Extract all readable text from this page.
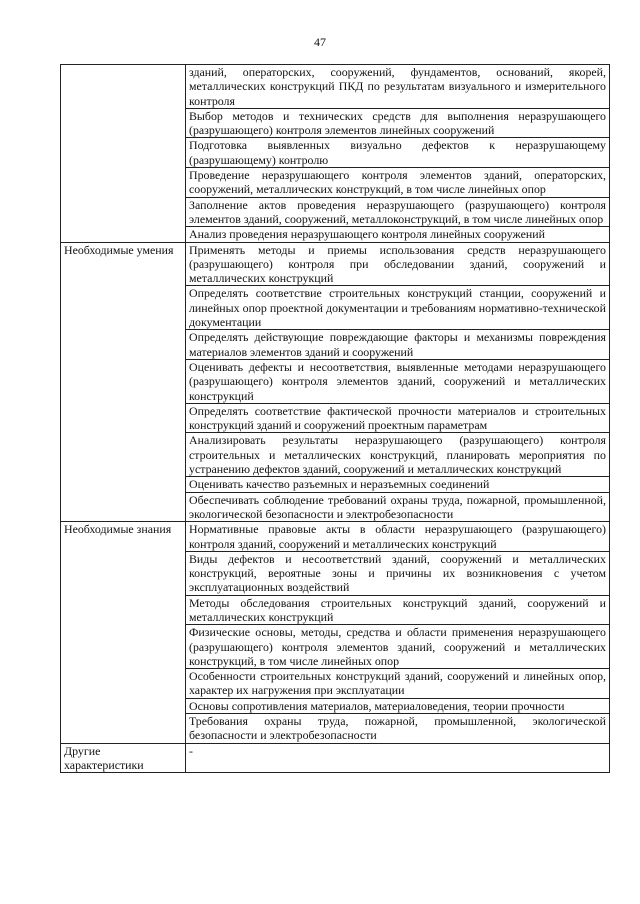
47
	зданий, операторских, сооружений, фундаментов, оснований, якорей, металлических конструкций ПКД по результатам визуального и измерительного контроля
	Выбор методов и технических средств для выполнения неразрушающего (разрушающего) контроля элементов линейных сооружений
	Подготовка выявленных визуально дефектов к неразрушающему (разрушающему) контролю
	Проведение неразрушающего контроля элементов зданий, операторских, сооружений, металлических конструкций, в том числе линейных опор
	Заполнение актов проведения неразрушающего (разрушающего) контроля элементов зданий, сооружений, металлоконструкций, в том числе линейных опор
	Анализ проведения неразрушающего контроля линейных сооружений
Необходимые умения	Применять методы и приемы использования средств неразрушающего (разрушающего) контроля при обследовании зданий, сооружений и металлических конструкций
	Определять соответствие строительных конструкций станции, сооружений и линейных опор проектной документации и требованиям нормативно-технической документации
	Определять действующие повреждающие факторы и механизмы повреждения материалов элементов зданий и сооружений
	Оценивать дефекты и несоответствия, выявленные методами неразрушающего (разрушающего) контроля элементов зданий, сооружений и металлических конструкций
	Определять соответствие фактической прочности материалов и строительных конструкций зданий и сооружений проектным параметрам
	Анализировать результаты неразрушающего (разрушающего) контроля строительных и металлических конструкций, планировать мероприятия по устранению дефектов зданий, сооружений и металлических конструкций
	Оценивать качество разъемных и неразъемных соединений
	Обеспечивать соблюдение требований охраны труда, пожарной, промышленной, экологической безопасности и электробезопасности
Необходимые знания	Нормативные правовые акты в области неразрушающего (разрушающего) контроля зданий, сооружений и металлических конструкций
	Виды дефектов и несоответствий зданий, сооружений и металлических конструкций, вероятные зоны и причины их возникновения с учетом эксплуатационных воздействий
	Методы обследования строительных конструкций зданий, сооружений и металлических конструкций
	Физические основы, методы, средства и области применения неразрушающего (разрушающего) контроля элементов зданий, сооружений и металлических конструкций, в том числе линейных опор
	Особенности строительных конструкций зданий, сооружений и линейных опор, характер их нагружения при эксплуатации
	Основы сопротивления материалов, материаловедения, теории прочности
	Требования охраны труда, пожарной, промышленной, экологической безопасности и электробезопасности
Другие характеристики	-
